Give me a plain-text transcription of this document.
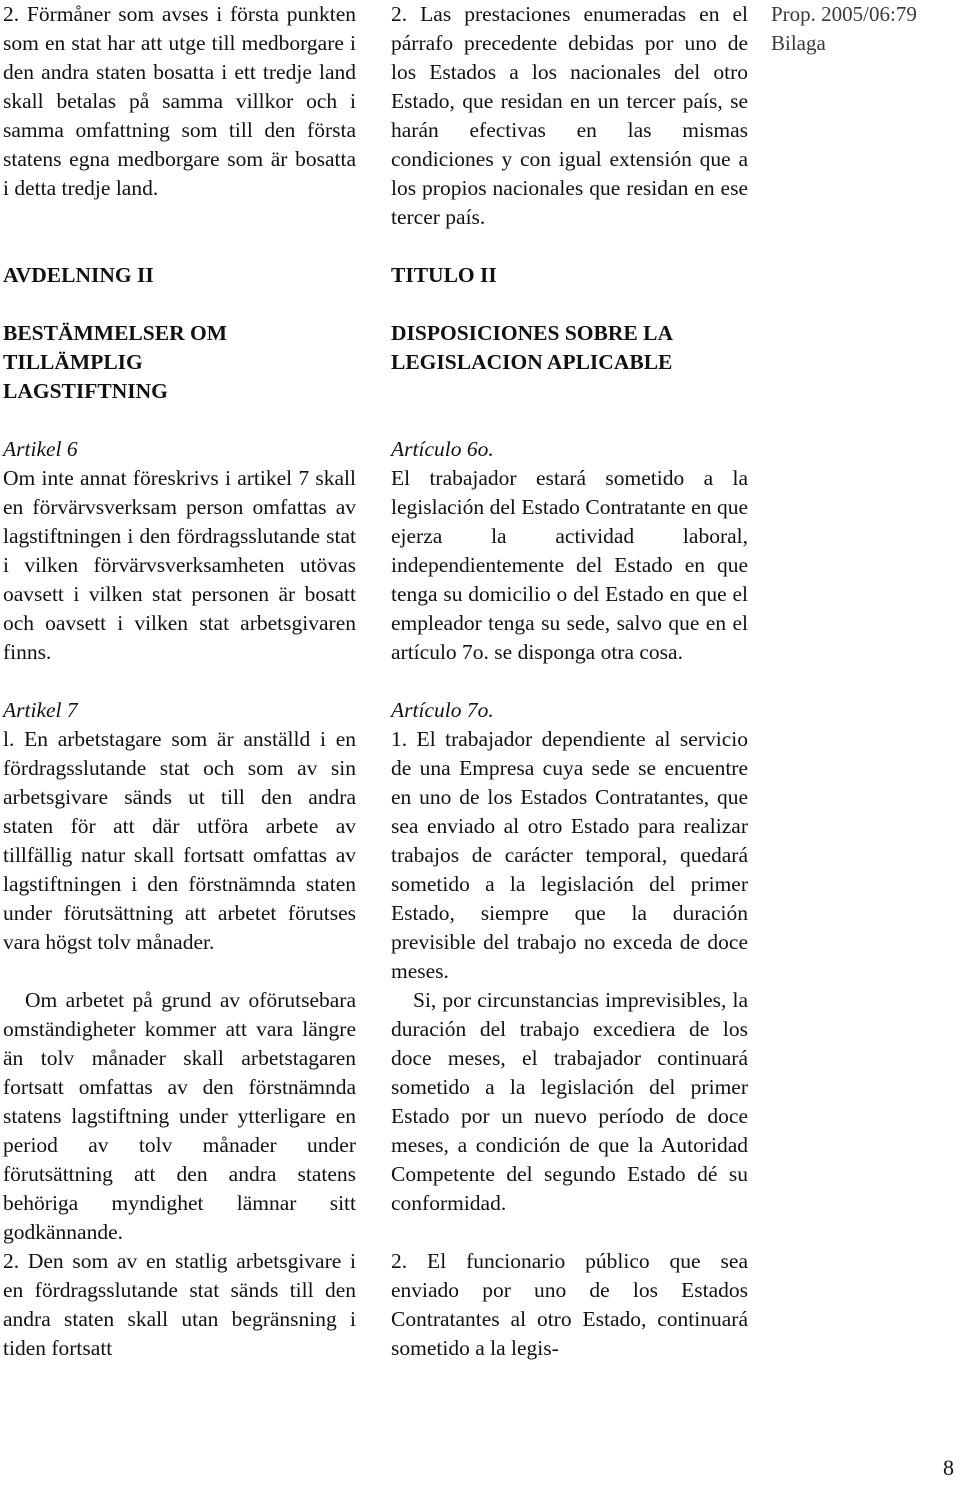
2. Förmåner som avses i första punkten som en stat har att utge till medborgare i den andra staten bosatta i ett tredje land skall betalas på samma villkor och i samma omfattning som till den första statens egna medborgare som är bosatta i detta tredje land.

AVDELNING II

BESTÄMMELSER OM

TILLÄMPLIG

LAGSTIFTNING

Artikel 6

Om inte annat föreskrivs i artikel 7 skall en förvärvsverksam person omfattas av lagstiftningen i den fördragsslutande stat i vilken förvärvsverksamheten utövas oavsett i vilken stat personen är bosatt och oavsett i vilken stat arbetsgivaren finns.

Artikel 7

l. En arbetstagare som är anställd i en fördragsslutande stat och som av sin arbetsgivare sänds ut till den andra staten för att där utföra arbete av tillfällig natur skall fortsatt omfattas av lagstiftningen i den förstnämnda staten under förutsättning att arbetet förutses vara högst tolv månader.

Om arbetet på grund av oförutsebara omständigheter kommer att vara längre än tolv månader skall arbetstagaren fortsatt omfattas av den förstnämnda statens lagstiftning under ytterligare en period av tolv månader under förutsättning att den andra statens behöriga myndighet lämnar sitt godkännande.

2. Den som av en statlig arbetsgivare i en fördragsslutande stat sänds till den andra staten skall utan begränsning i tiden fortsatt

2. Las prestaciones enumeradas en el párrafo precedente debidas por uno de los Estados a los nacionales del otro Estado, que residan en un tercer país, se harán efectivas en las mismas condiciones y con igual extensión que a los propios nacionales que residan en ese tercer país.

TITULO II

DISPOSICIONES SOBRE LA

LEGISLACION APLICABLE

Artículo 6o.

El trabajador estará sometido a la legislación del Estado Contratante en que ejerza la actividad laboral, independientemente del Estado en que tenga su domicilio o del Estado en que el empleador tenga su sede, salvo que en el artículo 7o. se disponga otra cosa.

Artículo 7o.

1. El trabajador dependiente al servicio de una Empresa cuya sede se encuentre en uno de los Estados Contratantes, que sea enviado al otro Estado para realizar trabajos de carácter temporal, quedará sometido a la legislación del primer Estado, siempre que la duración previsible del trabajo no exceda de doce meses.

Si, por circunstancias imprevisibles, la duración del trabajo excediera de los doce meses, el trabajador continuará sometido a la legislación del primer Estado por un nuevo período de doce meses, a condición de que la Autoridad Competente del segundo Estado dé su conformidad.

2. El funcionario público que sea enviado por uno de los Estados Contratantes al otro Estado, continuará sometido a la legis-

Prop. 2005/06:79
Bilaga
8
